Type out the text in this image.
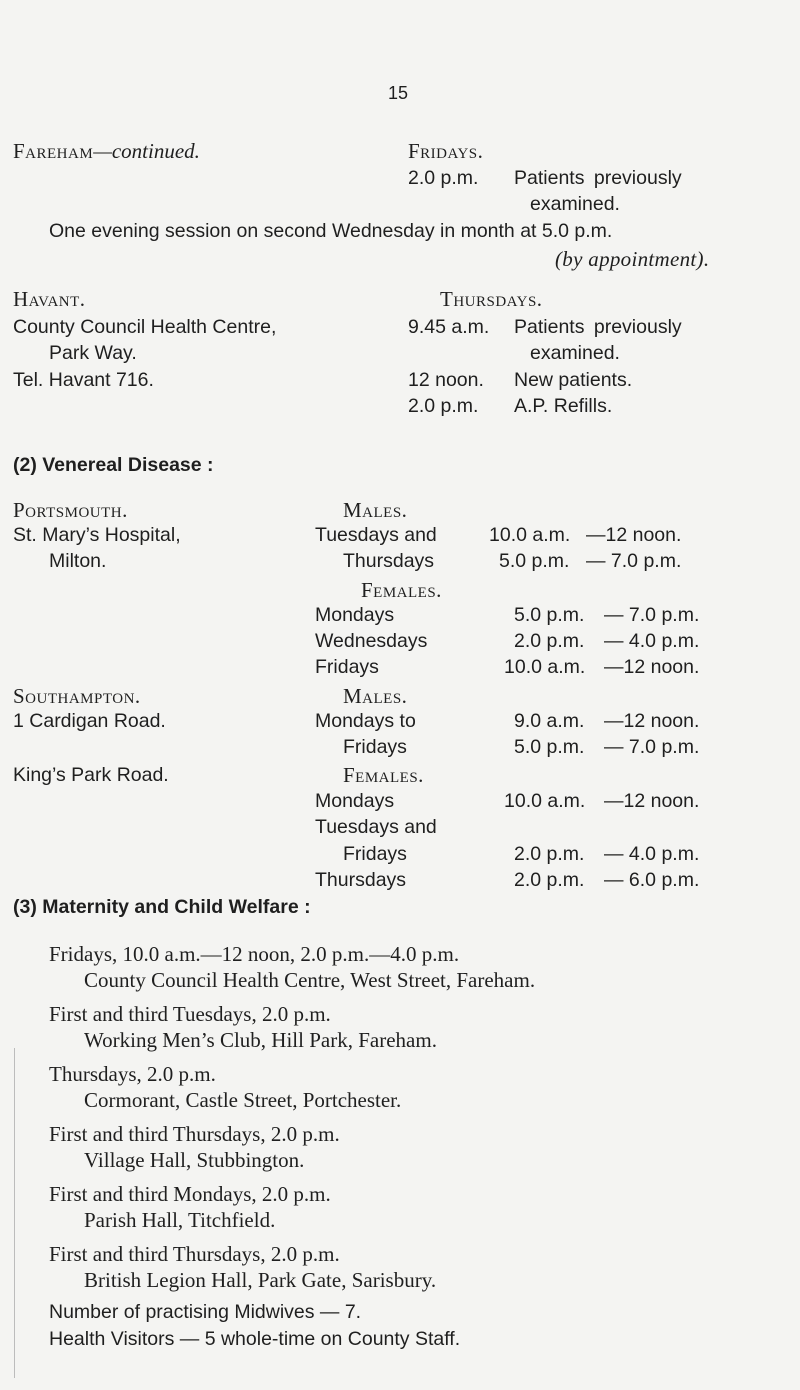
15
Fareham—continued.	Fridays.
2.0 p.m. Patients previously
examined.
One evening session on second Wednesday in month at 5.0 p.m.
(by appointment).
Havant.	Thursdays.
County Council Health Centre,
Park Way.
Tel. Havant 716.
9.45 a.m. Patients previously
examined.
12 noon. New patients.
2.0 p.m. A.P. Refills.
(2) Venereal Disease :
Portsmouth.
St. Mary’s Hospital,
Milton.
Males.
Tuesdays and	10.0 a.m. —12 noon.
Thursdays	5.0 p.m. — 7.0 p.m.
Females.
Mondays	5.0 p.m. — 7.0 p.m.
Wednesdays	2.0 p.m. — 4.0 p.m.
Fridays	10.0 a.m. —12 noon.
Southampton.
1 Cardigan Road.
King’s Park Road.
Males.
Mondays to	9.0 a.m. —12 noon.
Fridays	5.0 p.m. — 7.0 p.m.
Females.
Mondays	10.0 a.m. —12 noon.
Tuesdays and
Fridays	2.0 p.m. — 4.0 p.m.
Thursdays	2.0 p.m. — 6.0 p.m.
(3) Maternity and Child Welfare :
Fridays, 10.0 a.m.—12 noon, 2.0 p.m.—4.0 p.m.
County Council Health Centre, West Street, Fareham.
First and third Tuesdays, 2.0 p.m.
Working Men’s Club, Hill Park, Fareham.
Thursdays, 2.0 p.m.
Cormorant, Castle Street, Portchester.
First and third Thursdays, 2.0 p.m.
Village Hall, Stubbington.
First and third Mondays, 2.0 p.m.
Parish Hall, Titchfield.
First and third Thursdays, 2.0 p.m.
British Legion Hall, Park Gate, Sarisbury.
Number of practising Midwives — 7.
Health Visitors — 5 whole-time on County Staff.
